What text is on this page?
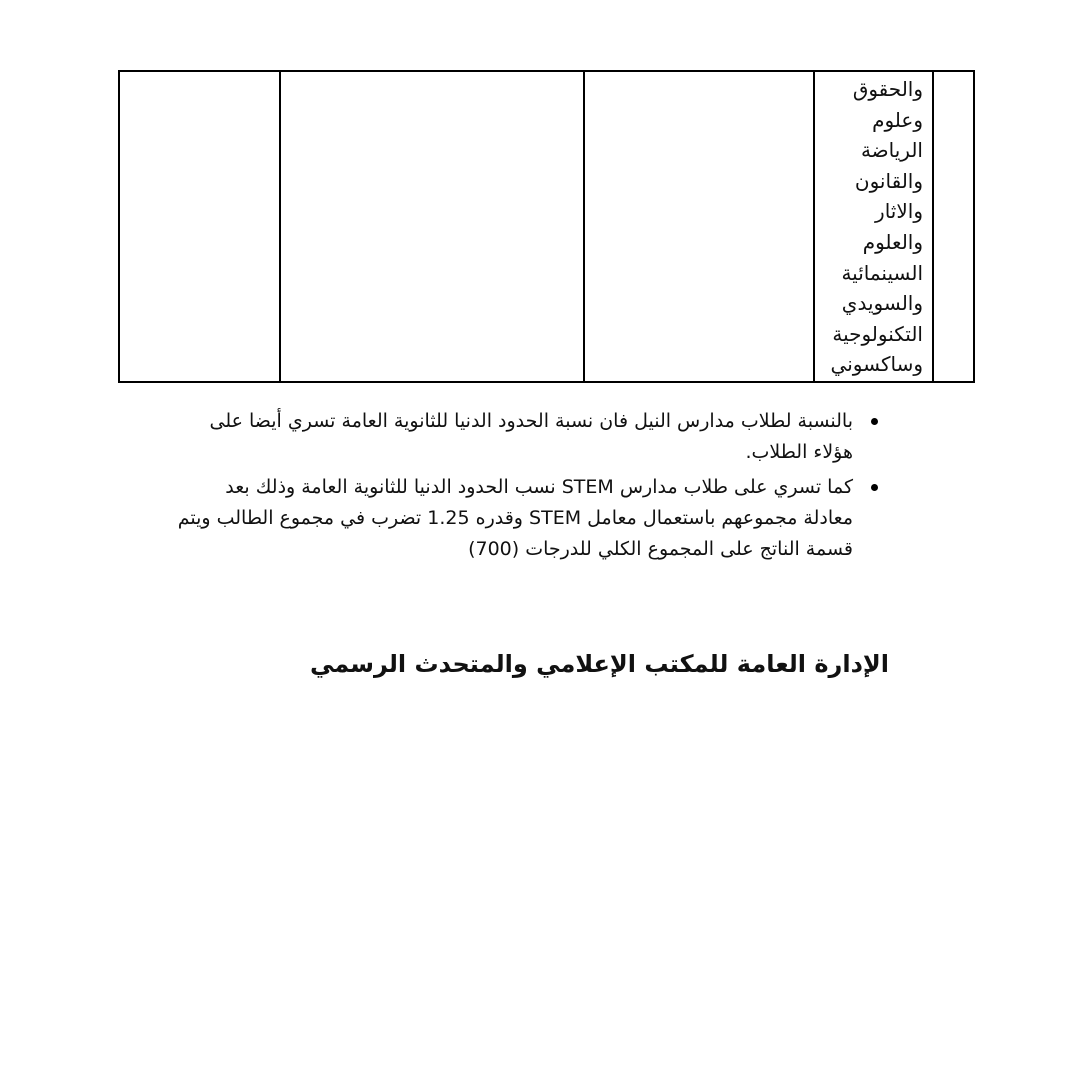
والحقوق
وعلوم
الرياضة
والقانون
والاثار
والعلوم
السينمائية
والسويدي
التكنولوجية
وساكسوني

بالنسبة لطلاب مدارس النيل فان نسبة الحدود الدنيا للثانوية العامة تسري أيضا على هؤلاء الطلاب.
كما تسري على طلاب مدارس STEM نسب الحدود الدنيا للثانوية العامة وذلك بعد معادلة مجموعهم باستعمال معامل STEM وقدره 1.25 تضرب في مجموع الطالب ويتم قسمة الناتج على المجموع الكلي للدرجات (700)
الإدارة العامة للمكتب الإعلامي والمتحدث الرسمي
